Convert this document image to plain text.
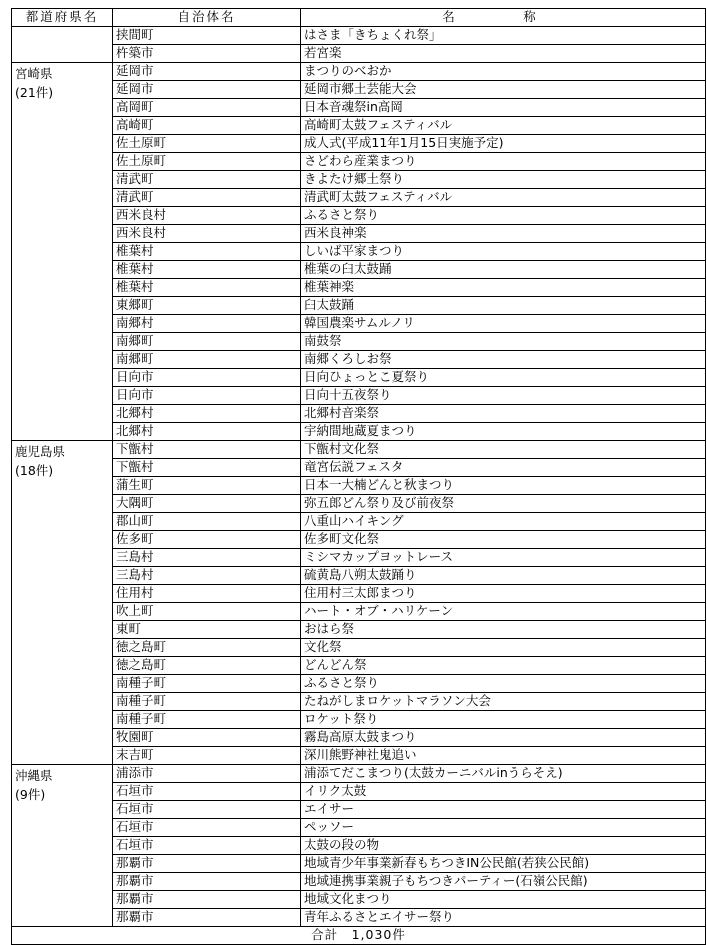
都道府県名	自治体名	名　称

	挟間町	はさま「きちょくれ祭」
	杵築市	若宮楽

宮崎県
(21件)	延岡市	まつりのべおか
	延岡市	延岡市郷土芸能大会
	高岡町	日本音魂祭in高岡
	高崎町	高崎町太鼓フェスティバル
	佐土原町	成人式(平成11年1月15日実施予定)
	佐土原町	さどわら産業まつり
	清武町	きよたけ郷土祭り
	清武町	清武町太鼓フェスティバル
	西米良村	ふるさと祭り
	西米良村	西米良神楽
	椎葉村	しいば平家まつり
	椎葉村	椎葉の臼太鼓踊
	椎葉村	椎葉神楽
	東郷町	臼太鼓踊
	南郷村	韓国農楽サムルノリ
	南郷町	南鼓祭
	南郷町	南郷くろしお祭
	日向市	日向ひょっとこ夏祭り
	日向市	日向十五夜祭り
	北郷村	北郷村音楽祭
	北郷村	宇納間地蔵夏まつり

鹿児島県
(18件)	下甑村	下甑村文化祭
	下甑村	竜宮伝説フェスタ
	蒲生町	日本一大楠どんと秋まつり
	大隅町	弥五郎どん祭り及び前夜祭
	郡山町	八重山ハイキング
	佐多町	佐多町文化祭
	三島村	ミシマカップヨットレース
	三島村	硫黄島八朔太鼓踊り
	住用村	住用村三太郎まつり
	吹上町	ハート・オブ・ハリケーン
	東町	おはら祭
	徳之島町	文化祭
	徳之島町	どんどん祭
	南種子町	ふるさと祭り
	南種子町	たねがしまロケットマラソン大会
	南種子町	ロケット祭り
	牧園町	霧島高原太鼓まつり
	末吉町	深川熊野神社鬼追い

沖縄県
(9件)	浦添市	浦添てだこまつり(太鼓カーニバルinうらそえ)
	石垣市	イリク太鼓
	石垣市	エイサー
	石垣市	ペッソー
	石垣市	太鼓の段の物
	那覇市	地域青少年事業新春もちつきIN公民館(若狭公民館)
	那覇市	地域連携事業親子もちつきパーティー(石嶺公民館)
	那覇市	地域文化まつり
	那覇市	青年ふるさとエイサー祭り
合計　1,030件		
